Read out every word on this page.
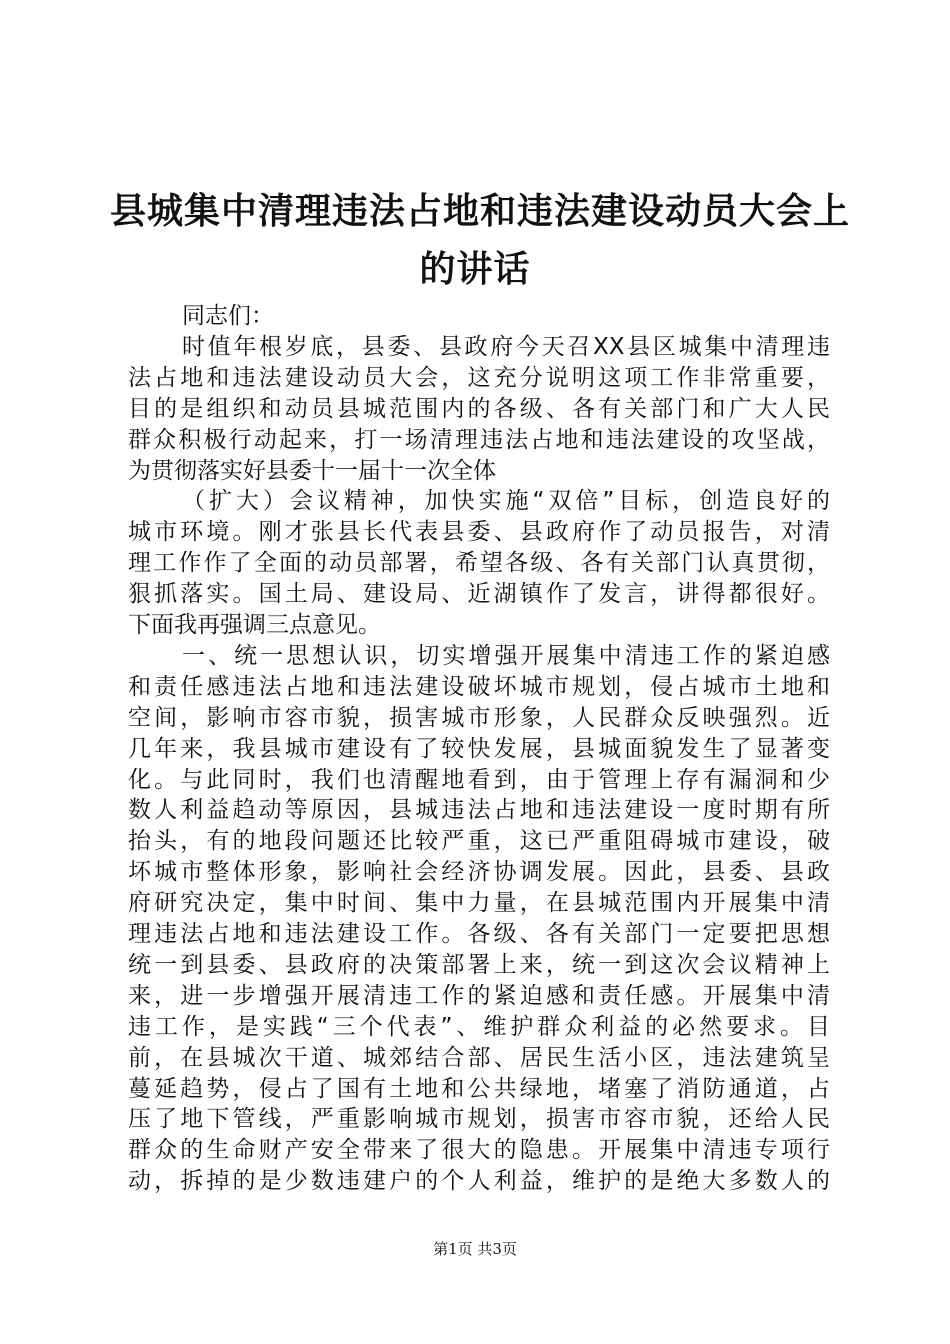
县城集中清理违法占地和违法建设动员大会上
的讲话
同志们：
时值年根岁底，县委、县政府今天召XX县区城集中清理违
法占地和违法建设动员大会，这充分说明这项工作非常重要，
目的是组织和动员县城范围内的各级、各有关部门和广大人民
群众积极行动起来，打一场清理违法占地和违法建设的攻坚战，
为贯彻落实好县委十一届十一次全体
（扩大）会议精神，加快实施“双倍”目标，创造良好的
城市环境。刚才张县长代表县委、县政府作了动员报告，对清
理工作作了全面的动员部署，希望各级、各有关部门认真贯彻，
狠抓落实。国土局、建设局、近湖镇作了发言，讲得都很好。
下面我再强调三点意见。
一、统一思想认识，切实增强开展集中清违工作的紧迫感
和责任感违法占地和违法建设破坏城市规划，侵占城市土地和
空间，影响市容市貌，损害城市形象，人民群众反映强烈。近
几年来，我县城市建设有了较快发展，县城面貌发生了显著变
化。与此同时，我们也清醒地看到，由于管理上存有漏洞和少
数人利益趋动等原因，县城违法占地和违法建设一度时期有所
抬头，有的地段问题还比较严重，这已严重阻碍城市建设，破
坏城市整体形象，影响社会经济协调发展。因此，县委、县政
府研究决定，集中时间、集中力量，在县城范围内开展集中清
理违法占地和违法建设工作。各级、各有关部门一定要把思想
统一到县委、县政府的决策部署上来，统一到这次会议精神上
来，进一步增强开展清违工作的紧迫感和责任感。开展集中清
违工作，是实践“三个代表”、维护群众利益的必然要求。目
前，在县城次干道、城郊结合部、居民生活小区，违法建筑呈
蔓延趋势，侵占了国有土地和公共绿地，堵塞了消防通道，占
压了地下管线，严重影响城市规划，损害市容市貌，还给人民
群众的生命财产安全带来了很大的隐患。开展集中清违专项行
动，拆掉的是少数违建户的个人利益，维护的是绝大多数人的
第1页 共3页
